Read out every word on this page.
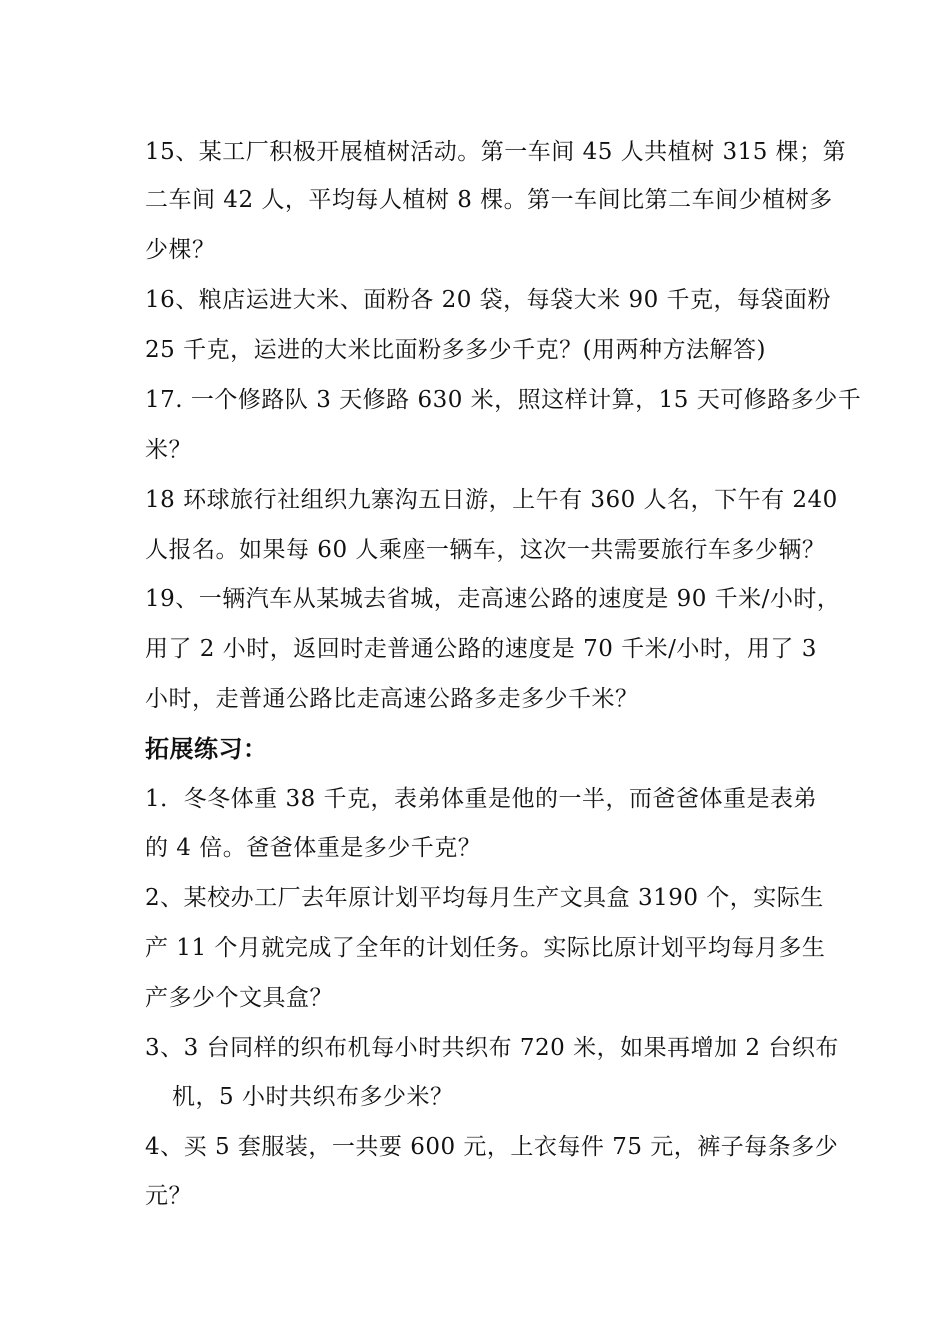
15、某工厂积极开展植树活动。第一车间 45 人共植树 315 棵；第
二车间 42 人，平均每人植树 8 棵。第一车间比第二车间少植树多
少棵？
16、粮店运进大米、面粉各 20 袋，每袋大米 90 千克，每袋面粉
25 千克，运进的大米比面粉多多少千克？(用两种方法解答)
17. 一个修路队 3 天修路 630 米，照这样计算，15 天可修路多少千
米？
18 环球旅行社组织九寨沟五日游，上午有 360 人名，下午有 240
人报名。如果每 60 人乘座一辆车，这次一共需要旅行车多少辆？
19、一辆汽车从某城去省城，走高速公路的速度是 90 千米/小时，
用了 2 小时，返回时走普通公路的速度是 70 千米/小时，用了 3
小时，走普通公路比走高速公路多走多少千米？
拓展练习：
1．冬冬体重 38 千克，表弟体重是他的一半，而爸爸体重是表弟
的 4 倍。爸爸体重是多少千克？
2、某校办工厂去年原计划平均每月生产文具盒 3190 个，实际生
产 11 个月就完成了全年的计划任务。实际比原计划平均每月多生
产多少个文具盒？
3、3 台同样的织布机每小时共织布 720 米，如果再增加 2 台织布
机，5 小时共织布多少米？
4、买 5 套服装，一共要 600 元，上衣每件 75 元，裤子每条多少
元？
